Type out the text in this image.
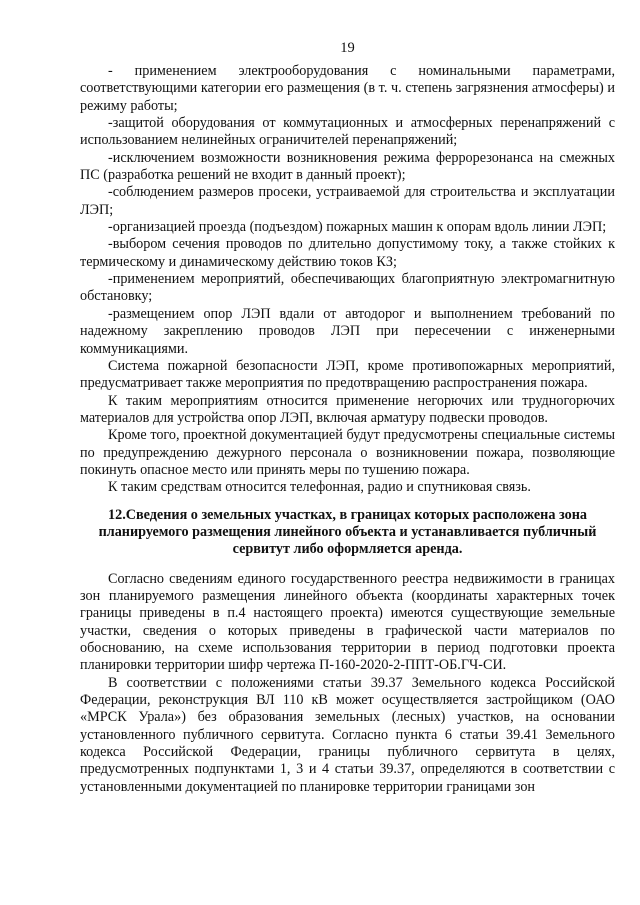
19

- применением электрооборудования с номинальными параметрами, соответствующими категории его размещения (в т. ч. степень загрязнения атмосферы) и режиму работы;

-защитой оборудования от коммутационных и атмосферных перенапряжений с использованием нелинейных ограничителей перенапряжений;

-исключением возможности возникновения режима феррорезонанса на смежных ПС (разработка решений не входит в данный проект);

-соблюдением размеров просеки, устраиваемой для строительства и эксплуатации ЛЭП;

-организацией проезда (подъездом) пожарных машин к опорам вдоль линии ЛЭП;

-выбором сечения проводов по длительно допустимому току, а также стойких к термическому и динамическому действию токов КЗ;

-применением мероприятий, обеспечивающих благоприятную электромагнитную обстановку;

-размещением опор ЛЭП вдали от автодорог и выполнением требований по надежному закреплению проводов ЛЭП при пересечении с инженерными коммуникациями.

Система пожарной безопасности ЛЭП, кроме противопожарных мероприятий, предусматривает также мероприятия по предотвращению распространения пожара.

К таким мероприятиям относится применение негорючих или трудногорючих материалов для устройства опор ЛЭП, включая арматуру подвески проводов.

Кроме того, проектной документацией будут предусмотрены специальные системы по предупреждению дежурного персонала о возникновении пожара, позволяющие покинуть опасное место или принять меры по тушению пожара.

К таким средствам относится телефонная, радио и спутниковая связь.

12.Сведения о земельных участках, в границах которых расположена зона планируемого размещения линейного объекта и устанавливается публичный сервитут либо оформляется аренда.

Согласно сведениям единого государственного реестра недвижимости в границах зон планируемого размещения линейного объекта (координаты характерных точек границы приведены в п.4 настоящего проекта) имеются существующие земельные участки, сведения о которых приведены в графической части материалов по обоснованию, на схеме использования территории в период подготовки проекта планировки территории шифр чертежа П-160-2020-2-ППТ-ОБ.ГЧ-СИ.

В соответствии с положениями статьи 39.37 Земельного кодекса Российской Федерации, реконструкция ВЛ 110 кВ может осуществляется застройщиком (ОАО «МРСК Урала») без образования земельных (лесных) участков, на основании установленного публичного сервитута. Согласно пункта 6 статьи 39.41 Земельного кодекса Российской Федерации, границы публичного сервитута в целях, предусмотренных подпунктами 1, 3 и 4 статьи 39.37, определяются в соответствии с установленными документацией по планировке территории границами зон
